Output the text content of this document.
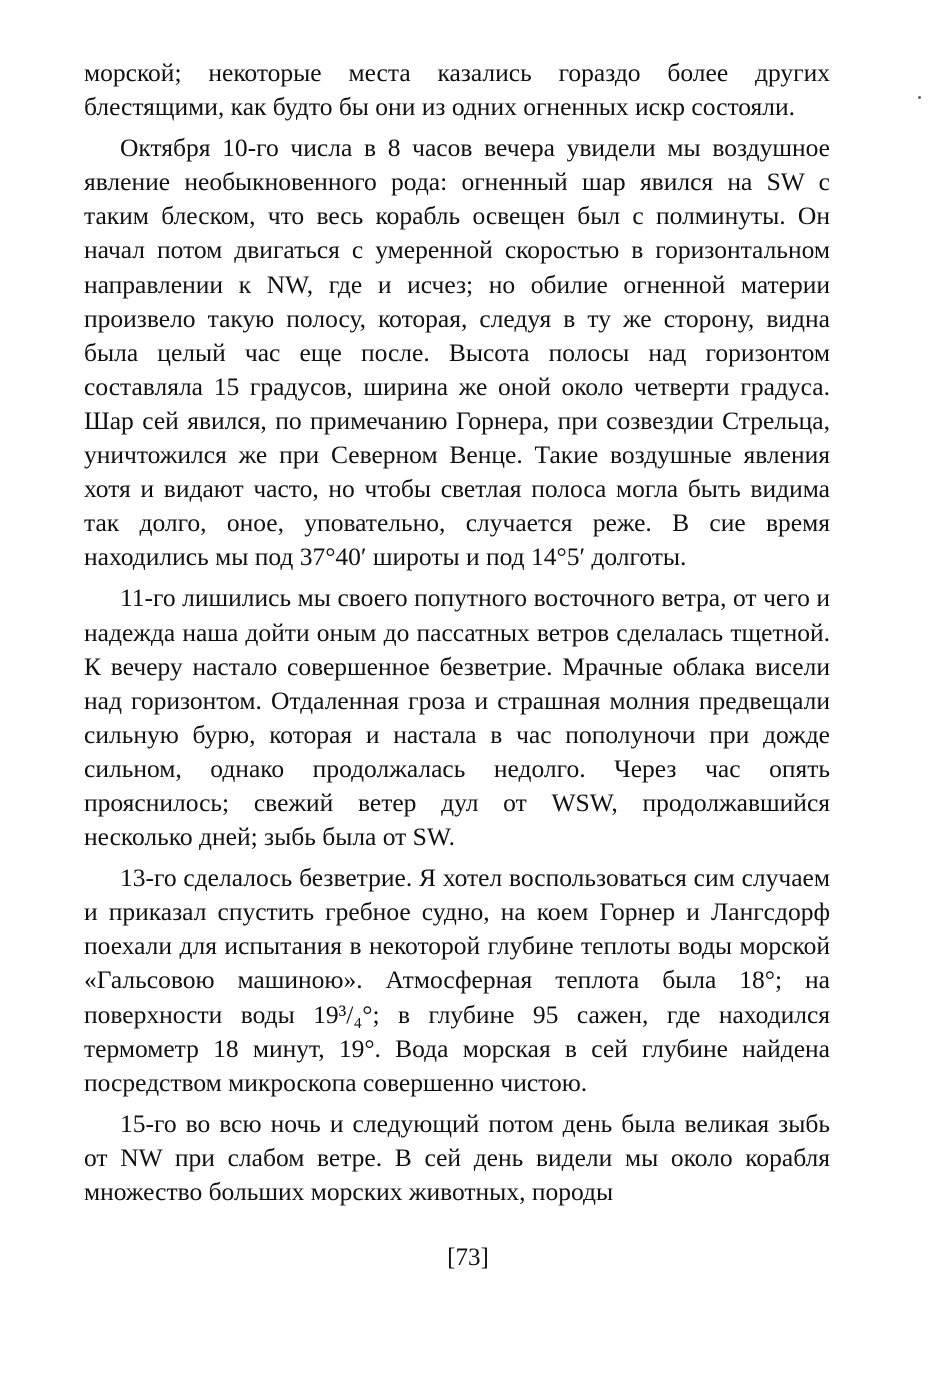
морской; некоторые места казались гораздо более других блестящими, как будто бы они из одних огненных искр состояли.

Октября 10-го числа в 8 часов вечера увидели мы воздушное явление необыкновенного рода: огненный шар явился на SW с таким блеском, что весь корабль освещен был с полминуты. Он начал потом двигаться с умеренной скоростью в горизонтальном направлении к NW, где и исчез; но обилие огненной материи произвело такую полосу, которая, следуя в ту же сторону, видна была целый час еще после. Высота полосы над горизонтом составляла 15 градусов, ширина же оной около четверти градуса. Шар сей явился, по примечанию Горнера, при созвездии Стрельца, уничтожился же при Северном Венце. Такие воздушные явления хотя и видают часто, но чтобы светлая полоса могла быть видима так долго, оное, уповательно, случается реже. В сие время находились мы под 37°40′ широты и под 14°5′ долготы.

11-го лишились мы своего попутного восточного ветра, от чего и надежда наша дойти оным до пассатных ветров сделалась тщетной. К вечеру настало совершенное безветрие. Мрачные облака висели над горизонтом. Отдаленная гроза и страшная молния предвещали сильную бурю, которая и настала в час пополуночи при дожде сильном, однако продолжалась недолго. Через час опять прояснилось; свежий ветер дул от WSW, продолжавшийся несколько дней; зыбь была от SW.

13-го сделалось безветрие. Я хотел воспользоваться сим случаем и приказал спустить гребное судно, на коем Горнер и Лангсдорф поехали для испытания в некоторой глубине теплоты воды морской «Гальсовою машиною». Атмосферная теплота была 18°; на поверхности воды 19³/₄°; в глубине 95 сажен, где находился термометр 18 минут, 19°. Вода морская в сей глубине найдена посредством микроскопа совершенно чистою.

15-го во всю ночь и следующий потом день была великая зыбь от NW при слабом ветре. В сей день видели мы около корабля множество больших морских животных, породы

[73]
